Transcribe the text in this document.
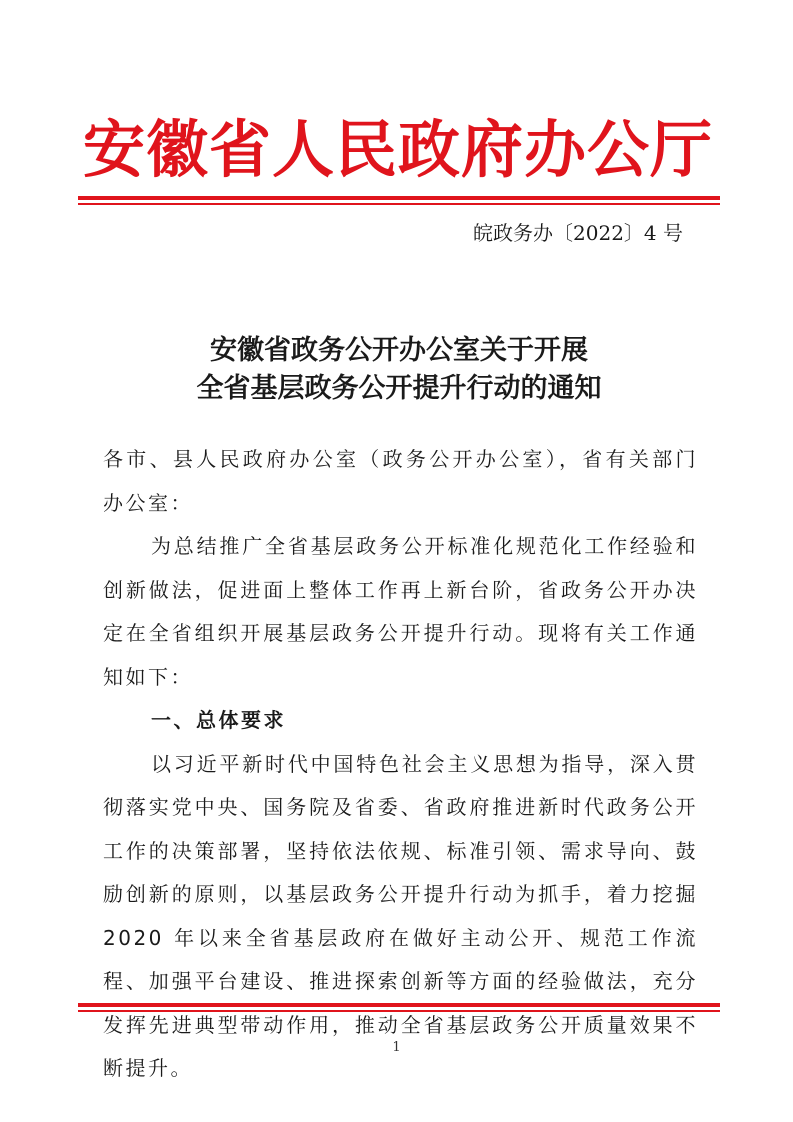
安徽省人民政府办公厅
皖政务办〔2022〕4 号
安徽省政务公开办公室关于开展
全省基层政务公开提升行动的通知

各市、县人民政府办公室（政务公开办公室），省有关部门办公室：

为总结推广全省基层政务公开标准化规范化工作经验和创新做法，促进面上整体工作再上新台阶，省政务公开办决定在全省组织开展基层政务公开提升行动。现将有关工作通知如下：

一、总体要求

以习近平新时代中国特色社会主义思想为指导，深入贯彻落实党中央、国务院及省委、省政府推进新时代政务公开工作的决策部署，坚持依法依规、标准引领、需求导向、鼓励创新的原则，以基层政务公开提升行动为抓手，着力挖掘 2020 年以来全省基层政府在做好主动公开、规范工作流程、加强平台建设、推进探索创新等方面的经验做法，充分发挥先进典型带动作用，推动全省基层政务公开质量效果不断提升。

1
